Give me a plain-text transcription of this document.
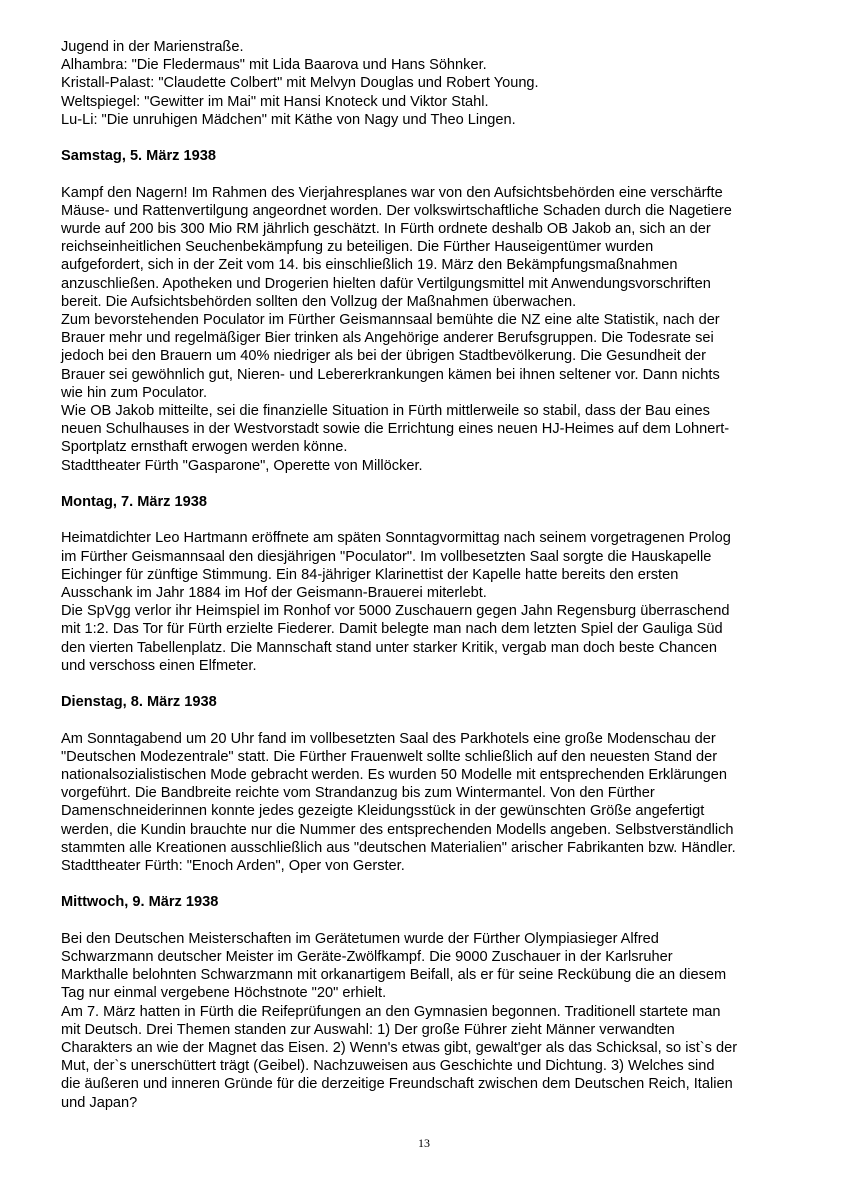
Jugend in der Marienstraße.
Alhambra: "Die Fledermaus" mit Lida Baarova und Hans Söhnker.
Kristall-Palast: "Claudette Colbert" mit Melvyn Douglas und Robert Young.
Weltspiegel: "Gewitter im Mai" mit Hansi Knoteck und Viktor Stahl.
Lu-Li: "Die unruhigen Mädchen" mit Käthe von Nagy und Theo Lingen.
Samstag, 5. März 1938
Kampf den Nagern! Im Rahmen des Vierjahresplanes war von den Aufsichtsbehörden eine verschärfte
Mäuse- und Rattenvertilgung angeordnet worden. Der volkswirtschaftliche Schaden durch die Nagetiere
wurde auf 200 bis 300 Mio RM jährlich geschätzt. In Fürth ordnete deshalb OB Jakob an, sich an der
reichseinheitlichen Seuchenbekämpfung zu beteiligen. Die Fürther Hauseigentümer wurden
aufgefordert, sich in der Zeit vom 14. bis einschließlich 19. März den Bekämpfungsmaßnahmen
anzuschließen. Apotheken und Drogerien hielten dafür Vertilgungsmittel mit Anwendungsvorschriften
bereit. Die Aufsichtsbehörden sollten den Vollzug der Maßnahmen überwachen.
Zum bevorstehenden Poculator im Fürther Geismannsaal bemühte die NZ eine alte Statistik, nach der
Brauer mehr und regelmäßiger Bier trinken als Angehörige anderer Berufsgruppen. Die Todesrate sei
jedoch bei den Brauern um 40% niedriger als bei der übrigen Stadtbevölkerung. Die Gesundheit der
Brauer sei gewöhnlich gut, Nieren- und Lebererkrankungen kämen bei ihnen seltener vor. Dann nichts
wie hin zum Poculator.
Wie OB Jakob mitteilte, sei die finanzielle Situation in Fürth mittlerweile so stabil, dass der Bau eines
neuen Schulhauses in der Westvorstadt sowie die Errichtung eines neuen HJ-Heimes auf dem Lohnert-
Sportplatz ernsthaft erwogen werden könne.
Stadttheater Fürth "Gasparone", Operette von Millöcker.
Montag, 7. März 1938
Heimatdichter Leo Hartmann eröffnete am späten Sonntagvormittag nach seinem vorgetragenen Prolog
im Fürther Geismannsaal den diesjährigen "Poculator". Im vollbesetzten Saal sorgte die Hauskapelle
Eichinger für zünftige Stimmung. Ein 84-jähriger Klarinettist der Kapelle hatte bereits den ersten
Ausschank im Jahr 1884 im Hof der Geismann-Brauerei miterlebt.
Die SpVgg verlor ihr Heimspiel im Ronhof vor 5000 Zuschauern gegen Jahn Regensburg überraschend
mit 1:2. Das Tor für Fürth erzielte Fiederer. Damit belegte man nach dem letzten Spiel der Gauliga Süd
den vierten Tabellenplatz. Die Mannschaft stand unter starker Kritik, vergab man doch beste Chancen
und verschoss einen Elfmeter.
Dienstag, 8. März 1938
Am Sonntagabend um 20 Uhr fand im vollbesetzten Saal des Parkhotels eine große Modenschau der
"Deutschen Modezentrale" statt. Die Fürther Frauenwelt sollte schließlich auf den neuesten Stand der
nationalsozialistischen Mode gebracht werden. Es wurden 50 Modelle mit entsprechenden Erklärungen
vorgeführt. Die Bandbreite reichte vom Strandanzug bis zum Wintermantel. Von den Fürther
Damenschneiderinnen konnte jedes gezeigte Kleidungsstück in der gewünschten Größe angefertigt
werden, die Kundin brauchte nur die Nummer des entsprechenden Modells angeben. Selbstverständlich
stammten alle Kreationen ausschließlich aus "deutschen Materialien" arischer Fabrikanten bzw. Händler.
Stadttheater Fürth: "Enoch Arden", Oper von Gerster.
Mittwoch, 9. März 1938
Bei den Deutschen Meisterschaften im Gerätetumen wurde der Fürther Olympiasieger Alfred
Schwarzmann deutscher Meister im Geräte-Zwölfkampf. Die 9000 Zuschauer in der Karlsruher
Markthalle belohnten Schwarzmann mit orkanartigem Beifall, als er für seine Reckübung die an diesem
Tag nur einmal vergebene Höchstnote "20" erhielt.
Am 7. März hatten in Fürth die Reifeprüfungen an den Gymnasien begonnen. Traditionell startete man
mit Deutsch. Drei Themen standen zur Auswahl: 1) Der große Führer zieht Männer verwandten
Charakters an wie der Magnet das Eisen. 2) Wenn's etwas gibt, gewalt'ger als das Schicksal, so ist`s der
Mut, der`s unerschüttert trägt (Geibel). Nachzuweisen aus Geschichte und Dichtung. 3) Welches sind
die äußeren und inneren Gründe für die derzeitige Freundschaft zwischen dem Deutschen Reich, Italien
und Japan?
13
